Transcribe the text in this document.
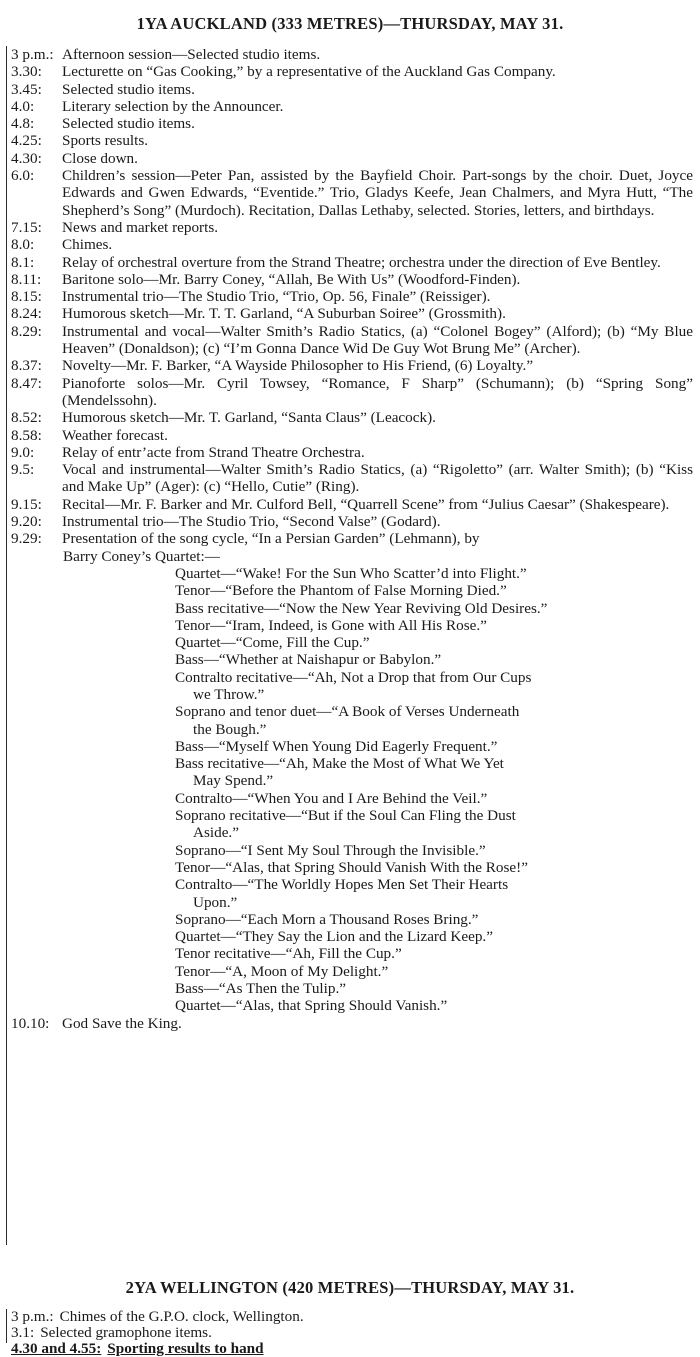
1YA AUCKLAND (333 METRES)—THURSDAY, MAY 31.
3 p.m.: Afternoon session—Selected studio items.
3.30:	Lecturette on “Gas Cooking,” by a representative of the Auckland Gas Company.
3.45:	Selected studio items.
4.0:	Literary selection by the Announcer.
4.8:	Selected studio items.
4.25:	Sports results.
4.30:	Close down.
6.0:	Children’s session—Peter Pan, assisted by the Bayfield Choir. Part-songs by the choir. Duet, Joyce Edwards and Gwen Edwards, “Eventide.” Trio, Gladys Keefe, Jean Chalmers, and Myra Hutt, “The Shepherd’s Song” (Murdoch). Recitation, Dallas Lethaby, selected. Stories, letters, and birthdays.
7.15:	News and market reports.
8.0:	Chimes.
8.1:	Relay of orchestral overture from the Strand Theatre; orchestra under the direction of Eve Bentley.
8.11:	Baritone solo—Mr. Barry Coney, “Allah, Be With Us” (Woodford-Finden).
8.15:	Instrumental trio—The Studio Trio, “Trio, Op. 56, Finale” (Reissiger).
8.24:	Humorous sketch—Mr. T. T. Garland, “A Suburban Soiree” (Grossmith).
8.29:	Instrumental and vocal—Walter Smith’s Radio Statics, (a) “Colonel Bogey” (Alford); (b) “My Blue Heaven” (Donaldson); (c) “I’m Gonna Dance Wid De Guy Wot Brung Me” (Archer).
8.37:	Novelty—Mr. F. Barker, “A Wayside Philosopher to His Friend, (6) Loyalty.”
8.47:	Pianoforte solos—Mr. Cyril Towsey, “Romance, F Sharp” (Schumann); (b) “Spring Song” (Mendelssohn).
8.52:	Humorous sketch—Mr. T. Garland, “Santa Claus” (Leacock).
8.58:	Weather forecast.
9.0:	Relay of entr’acte from Strand Theatre Orchestra.
9.5:	Vocal and instrumental—Walter Smith’s Radio Statics, (a) “Rigoletto” (arr. Walter Smith); (b) “Kiss and Make Up” (Ager): (c) “Hello, Cutie” (Ring).
9.15:	Recital—Mr. F. Barker and Mr. Culford Bell, “Quarrell Scene” from “Julius Caesar” (Shakespeare).
9.20:	Instrumental trio—The Studio Trio, “Second Valse” (Godard).
9.29:	Presentation of the song cycle, “In a Persian Garden” (Lehmann), by
Barry Coney’s Quartet:—
Quartet—“Wake! For the Sun Who Scatter’d into Flight.”
Tenor—“Before the Phantom of False Morning Died.”
Bass recitative—“Now the New Year Reviving Old Desires.”
Tenor—“Iram, Indeed, is Gone with All His Rose.”
Quartet—“Come, Fill the Cup.”
Bass—“Whether at Naishapur or Babylon.”
Contralto recitative—“Ah, Not a Drop that from Our Cups
we Throw.”
Soprano and tenor duet—“A Book of Verses Underneath
the Bough.”
Bass—“Myself When Young Did Eagerly Frequent.”
Bass recitative—“Ah, Make the Most of What We Yet
May Spend.”
Contralto—“When You and I Are Behind the Veil.”
Soprano recitative—“But if the Soul Can Fling the Dust
Aside.”
Soprano—“I Sent My Soul Through the Invisible.”
Tenor—“Alas, that Spring Should Vanish With the Rose!”
Contralto—“The Worldly Hopes Men Set Their Hearts
Upon.”
Soprano—“Each Morn a Thousand Roses Bring.”
Quartet—“They Say the Lion and the Lizard Keep.”
Tenor recitative—“Ah, Fill the Cup.”
Tenor—“A, Moon of My Delight.”
Bass—“As Then the Tulip.”
Quartet—“Alas, that Spring Should Vanish.”
10.10: God Save the King.
2YA WELLINGTON (420 METRES)—THURSDAY, MAY 31.
3 p.m.: Chimes of the G.P.O. clock, Wellington.
3.1: Selected gramophone items.
4.30 and 4.55: Sporting results to hand
